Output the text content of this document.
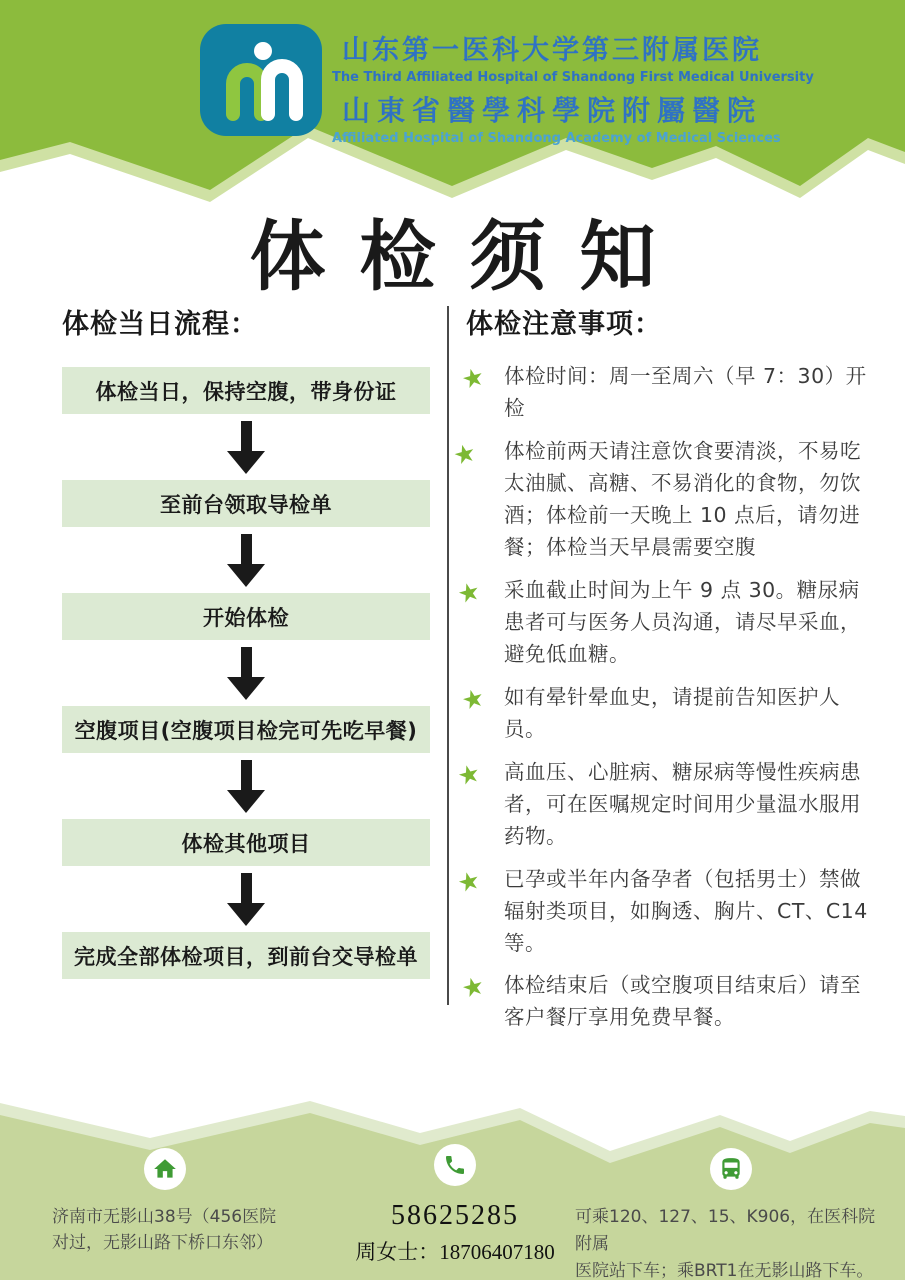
山东第一医科大学第三附属医院
The Third Affiliated Hospital of Shandong First Medical University
山東省醫學科學院附屬醫院
Affiliated Hospital of Shandong Academy of Medical Sciences
体检须知
体检当日流程：
体检当日，保持空腹，带身份证
至前台领取导检单
开始体检
空腹项目(空腹项目检完可先吃早餐)
体检其他项目
完成全部体检项目，到前台交导检单
体检注意事项：
★ 体检时间：周一至周六（早 7：30）开检
★	体检前两天请注意饮食要清淡，不易吃太油腻、高糖、不易消化的食物，勿饮酒；体检前一天晚上 10 点后，请勿进餐；体检当天早晨需要空腹
★	采血截止时间为上午 9 点 30。糖尿病患者可与医务人员沟通，请尽早采血，避免低血糖。
★ 如有晕针晕血史，请提前告知医护人员。
★	高血压、心脏病、糖尿病等慢性疾病患者，可在医嘱规定时间用少量温水服用药物。
★	已孕或半年内备孕者（包括男士）禁做辐射类项目，如胸透、胸片、CT、C14等。
★ 体检结束后（或空腹项目结束后）请至客户餐厅享用免费早餐。
济南市无影山38号（456医院
对过，无影山路下桥口东邻）
58625285
周女士：18706407180
可乘120、127、15、K906，在医科院附属
医院站下车；乘BRT1在无影山路下车。
